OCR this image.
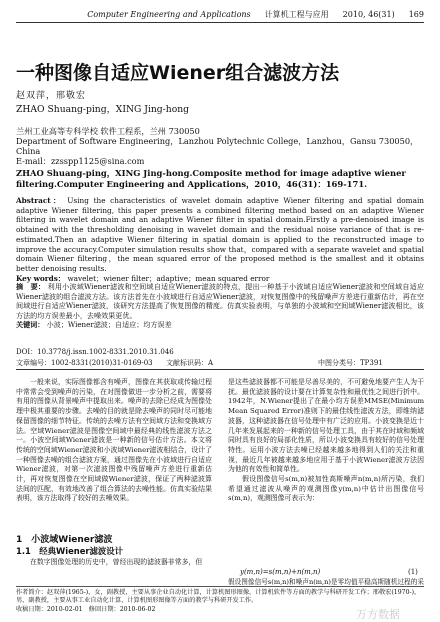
Computer Engineering and Applications 计算机工程与应用 2010, 46(31) 169
一种图像自适应Wiener组合滤波方法
赵双萍，邢敬宏
ZHAO Shuang-ping，XING Jing-hong
兰州工业高等专科学校 软件工程系，兰州 730050
Department of Software Engineering，Lanzhou Polytechnic College，Lanzhou，Gansu 730050，China
E-mail：zzsspp1125@sina.com
ZHAO Shuang-ping，XING Jing-hong.Composite method for image adaptive wiener filtering.Computer Engineering and Applications，2010，46(31)：169-171.
Abstract： Using the characteristics of wavelet domain adaptive Wiener filtering and spatial domain adaptive Wiener filtering, this paper presents a combined filtering method based on an adaptive Wiener filtering in wavelet domain and an adaptive Wiener filter in spatial domain.Firstly a pre-denoised image is obtained with the thresholding denoising in wavelet domain and the residual noise variance of that is re-estimated.Then an adaptive Wiener filtering in spatial domain is applied to the reconstructed image to improve the accuracy.Computer simulation results show that，compared with a separate wavelet and spatial domain Wiener filtering，the mean squared error of the proposed method is the smallest and it obtains better denoising results.
Key words： wavelet；wiener filter；adaptive；mean squared error
摘　要： 利用小波域Wiener滤波和空间域自适应Wiener滤波的特点，提出一种基于小波域自适应Wiener滤波和空间域自适应Wiener滤波的组合滤波方法。该方法首先在小波域进行自适应Wiener滤波，对恢复图像中的残留噪声方差进行重新估计，再在空间域进行自适应Wiener滤波，该研究方法提高了恢复图像的精度。仿真实验表明，与单独的小波域和空间域Wiener滤波相比，该方法的均方误差最小，去噪效果更优。
关键词： 小波；Wiener滤波；自适应；均方误差
DOI：10.3778/j.issn.1002-8331.2010.31.046
文章编号：1002-8331(2010)31-0169-03 文献标识码：A	中图分类号：TP391
一般来说，实际图像都含有噪声，图像在其获取或传输过程中常常会受到噪声的污染，在对图像做进一步分析之前，需要将有用的图像从背景噪声中提取出来。噪声的去除已经成为图像处理中极其重要的步骤。去噪的目的就是除去噪声的同时尽可能地保留图像的细节特征。传统的去噪方法有空间域方法和变换域方法。空域Wiener滤波是图像空间域中最经典的线性滤波方法之一。小波空间域Wiener滤波是一种新的信号估计方法。本文将传统的空间域Wiener滤波和小波域Wiener滤波相结合，设计了一种图像去噪的组合滤波方案，通过图像先在小波域进行自适应Wiener滤波，对第一次滤波图像中残留噪声方差进行重新估计，再对恢复图像在空间域做Wiener滤波，保证了两种滤波算法间的匹配，有效地改善了组合算法的去噪性能。仿真实验结果表明，该方法取得了较好的去噪效果。
1　小波域Wiener滤波
1.1　经典Wiener滤波设计
在数字图像处理的历史中，曾经出现的滤波器非常多，但
是这些滤波器都不可能是尽善尽美的，不可避免地要产生人为干扰。最优滤波器的设计要在计算复杂性和最优性之间进行折中。1942年，N.Wiener提出了在最小均方误差MMSE(Minimum Mean Squared Error)准则下的最佳线性滤波方法，即维纳滤波器，这种滤波器在信号处理中有广泛的应用。小波变换是近十几年来发展起来的一种新的信号处理工具，由于其在时域和频域同时具有良好的局部化性质，所以小波变换具有较好的信号处理特性。运用小波方法去噪已经越来越多地得到人们的关注和重视，最近几年被越来越多地应用于基于小波Wiener滤波方法因为他的有效性和简单性。
假设图像信号s(m,n)被加性高斯噪声n(m,n)所污染，我们希望通过滤波从噪声的观测图像y(m,n)中估计出图像信号s(m,n)，观测图像可表示为：
y(m,n)=s(m,n)+n(m,n)	(1)
假设图像信号s(m,n)和噪声n(m,n)是零均值平稳高斯随机过程的采
作者简介：赵双萍(1965-)，女，副教授，主要从事企业自动化计算，计算机图形图像，计算机软件等方面的教学与科研开发工作；邢敬宏(1970-)，男，副教授，主要从事工业自动化计算，计算机图形图像等方面的教学与科研开发工作。
收稿日期：2010-02-01　修回日期：2010-06-02	万方数据
